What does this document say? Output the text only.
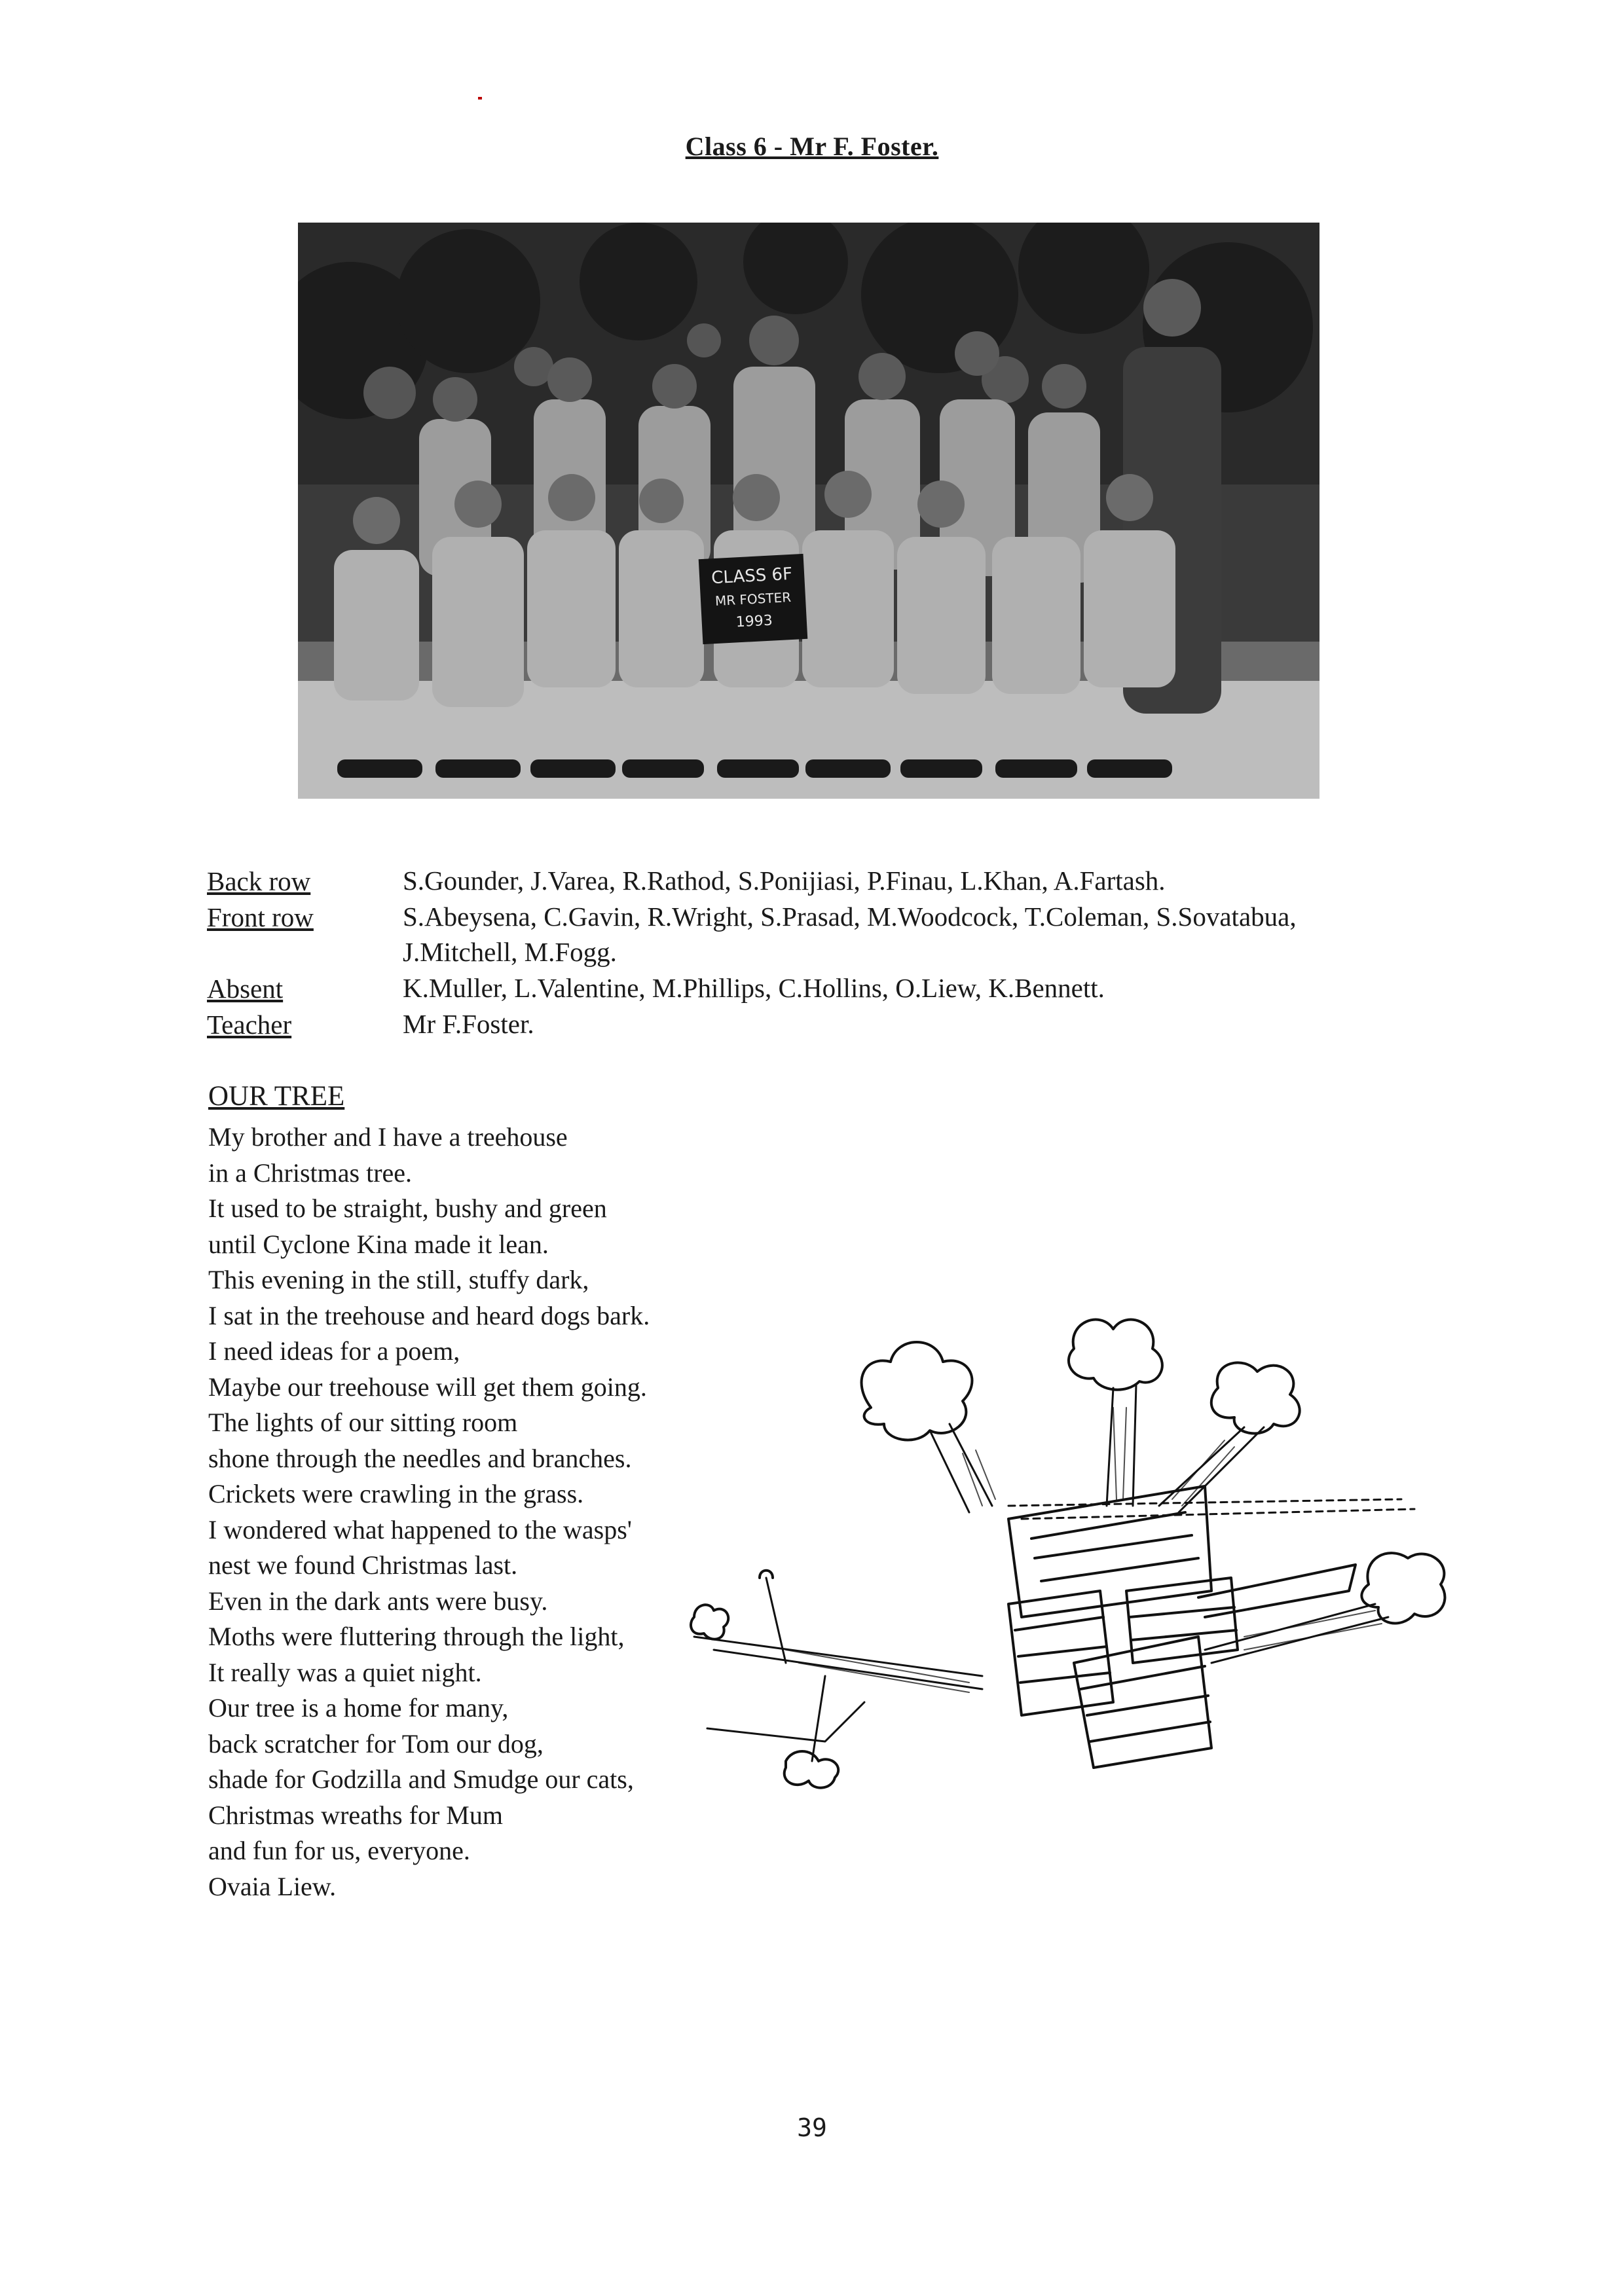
Class 6 - Mr F. Foster.
CLASS 6F
MR FOSTER
1993
Back row	S.Gounder, J.Varea, R.Rathod, S.Ponijiasi, P.Finau, L.Khan, A.Fartash.
Front row	S.Abeysena, C.Gavin, R.Wright, S.Prasad, M.Woodcock, T.Coleman, S.Sovatabua,
J.Mitchell, M.Fogg.
Absent	K.Muller, L.Valentine, M.Phillips, C.Hollins, O.Liew, K.Bennett.
Teacher	Mr F.Foster.
OUR TREE
My brother and I have a treehouse
in a Christmas tree.
It used to be straight, bushy and green
until Cyclone Kina made it lean.
This evening in the still, stuffy dark,
I sat in the treehouse and heard dogs bark.
I need ideas for a poem,
Maybe our treehouse will get them going.
The lights of our sitting room
shone through the needles and branches.
Crickets were crawling in the grass.
I wondered what happened to the wasps'
nest we found Christmas last.
Even in the dark ants were busy.
Moths were fluttering through the light,
It really was a quiet night.
Our tree is a home for many,
back scratcher for Tom our dog,
shade for Godzilla and Smudge our cats,
Christmas wreaths for Mum
and fun for us, everyone.
Ovaia Liew.
39
